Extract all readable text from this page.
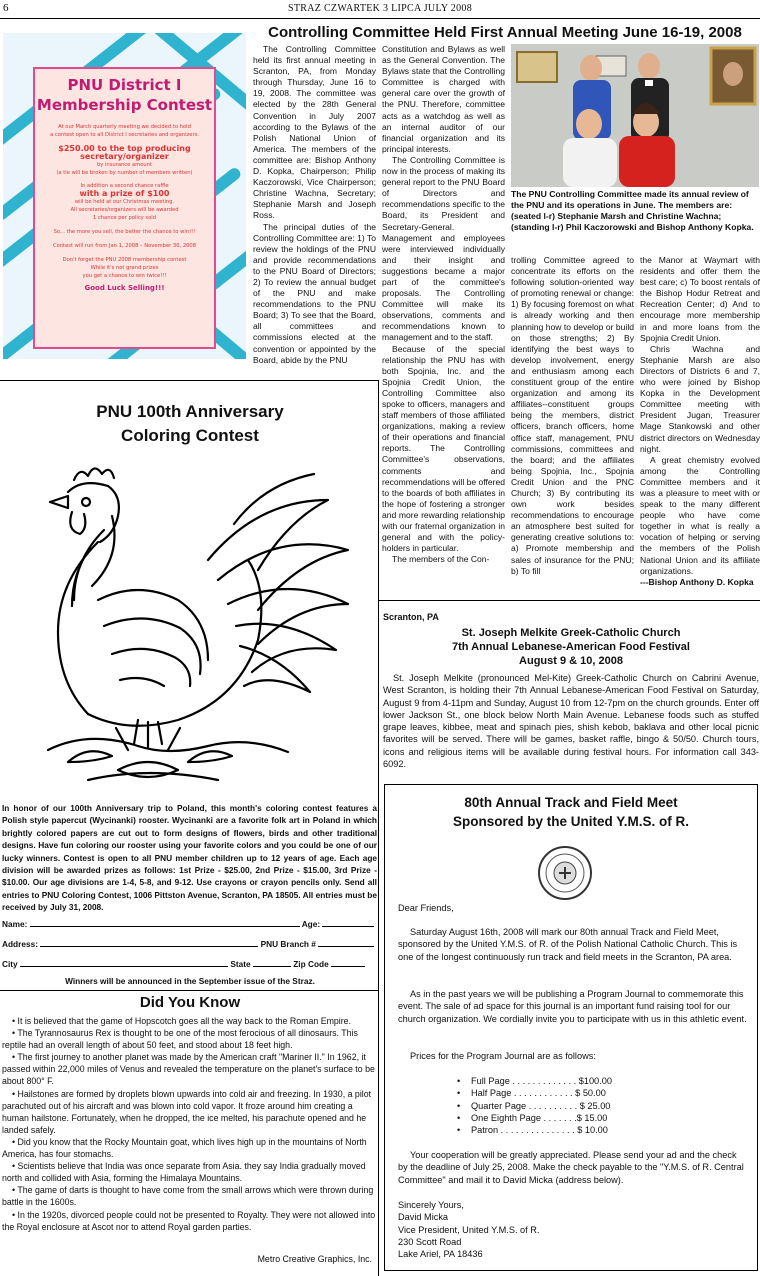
6	STRAZ CZWARTEK 3 LIPCA JULY 2008
PNU District I
Membership Contest
At our March quarterly meeting we decided to hold
a contest open to all District I secretaries and organizers.
$250.00 to the top producing secretary/organizer
by insurance amount
(a tie will be broken by number of members written)
In addition a second chance raffle
with a prize of $100
will be held at our Christmas meeting.
All secretaries/organizers will be awarded
1 chance per policy sold
So... the more you sell, the better the chance to win!!!
Contest will run from Jan 1, 2008 – November 30, 2008
Don't forget the PNU 2008 membership contest
While it's not grand prizes
you get a chance to win twice!!!
Good Luck Selling!!!
Controlling Committee Held First Annual Meeting June 16-19, 2008

The Controlling Committee held its first annual meeting in Scranton, PA, from Monday through Thursday, June 16 to 19, 2008. The committee was elected by the 28th General Convention in July 2007 according to the Bylaws of the Polish National Union of America. The members of the committee are: Bishop Anthony D. Kopka, Chairperson; Philip Kaczorowski, Vice Chairperson; Christine Wachna, Secretary; Stephanie Marsh and Joseph Ross.

The principal duties of the Controlling Committee are: 1) To review the holdings of the PNU and provide recommendations to the PNU Board of Directors; 2) To review the annual budget of the PNU and make recommendations to the PNU Board; 3) To see that the Board, all committees and commissions elected at the convention or appointed by the Board, abide by the PNU

Constitution and Bylaws as well as the General Convention. The Bylaws state that the Controlling Committee is charged with general care over the growth of the PNU. Therefore, committee acts as a watchdog as well as an internal auditor of our financial organization and its principal interests.

The Controlling Committee is now in the process of making its general report to the PNU Board of Directors and recommendations specific to the Board, its President and Secretary-General. Management and employees were interviewed individually and their insight and suggestions became a major part of the committee's proposals. The Controlling Committee will make its observations, comments and recommendations known to management and to the staff.

Because of the special relationship the PNU has with both Spojnia, Inc. and the Spojnia Credit Union, the Controlling Committee also spoke to officers, managers and staff members of those affiliated organizations, making a review of their operations and financial reports. The Controlling Committee's observations, comments and recommendations will be offered to the boards of both affiliates in the hope of fostering a stronger and more rewarding relationship with our fraternal organization in general and with the policy-holders in particular.

The members of the Con-

The PNU Controlling Committee made its annual review of the PNU and its operations in June. The members are: (seated l-r) Stephanie Marsh and Christine Wachna; (standing l-r) Phil Kaczorowski and Bishop Anthony Kopka.

trolling Committee agreed to concentrate its efforts on the following solution-oriented way of promoting renewal or change: 1) By focusing foremost on what is already working and then planning how to develop or build on those strengths; 2) By identifying the best ways to develop involvement, energy and enthusiasm among each constituent group of the entire organization and among its affiliates--constituent groups being the members, district officers, branch officers, home office staff, management, PNU commissions, committees and the board; and the affiliates being Spojnia, Inc., Spojnia Credit Union and the PNC Church; 3) By contributing its own work besides recommendations to encourage an atmosphere best suited for generating creative solutions to: a) Promote membership and sales of insurance for the PNU; b) To fill

the Manor at Waymart with residents and offer them the best care; c) To boost rentals of the Bishop Hodur Retreat and Recreation Center; d) And to encourage more membership in and more loans from the Spojnia Credit Union.

Chris Wachna and Stephanie Marsh are also Directors of Districts 6 and 7, who were joined by Bishop Kopka in the Development Committee meeting with President Jugan, Treasurer Mage Stankowski and other district directors on Wednesday night.

A great chemistry evolved among the Controlling Committee members and it was a pleasure to meet with or speak to the many different people who have come together in what is really a vocation of helping or serving the members of the Polish National Union and its affiliate organizations.

---Bishop Anthony D. Kopka

PNU 100th Anniversary
Coloring Contest
In honor of our 100th Anniversary trip to Poland, this month's coloring contest features a Polish style papercut (Wycinanki) rooster. Wycinanki are a favorite folk art in Poland in which brightly colored papers are cut out to form designs of flowers, birds and other traditional designs. Have fun coloring our rooster using your favorite colors and you could be one of our lucky winners. Contest is open to all PNU member children up to 12 years of age. Each age division will be awarded prizes as follows: 1st Prize - $25.00, 2nd Prize - $15.00, 3rd Prize - $10.00. Our age divisions are 1-4, 5-8, and 9-12. Use crayons or crayon pencils only. Send all entries to PNU Coloring Contest, 1006 Pittston Avenue, Scranton, PA 18505. All entries must be received by July 31, 2008.
Name:	Age:
Address:	PNU Branch #
City	State	Zip Code
Winners will be announced in the September issue of the Straz.
Did You Know

• It is believed that the game of Hopscotch goes all the way back to the Roman Empire.

• The Tyrannosaurus Rex is thought to be one of the most ferocious of all dinosaurs. This reptile had an overall length of about 50 feet, and stood about 18 feet high.

• The first journey to another planet was made by the American craft "Mariner II." In 1962, it passed within 22,000 miles of Venus and revealed the temperature on the planet's surface to be about 800° F.

• Hailstones are formed by droplets blown upwards into cold air and freezing. In 1930, a pilot parachuted out of his aircraft and was blown into cold vapor. It froze around him creating a human hailstone. Fortunately, when he dropped, the ice melted, his parachute opened and he landed safely.

• Did you know that the Rocky Mountain goat, which lives high up in the mountains of North America, has four stomachs.

• Scientists believe that India was once separate from Asia. they say India gradually moved north and collided with Asia, forming the Himalaya Mountains.

• The game of darts is thought to have come from the small arrows which were thrown during battle in the 1600s.

• In the 1920s, divorced people could not be presented to Royalty. They were not allowed into the Royal enclosure at Ascot nor to attend Royal garden parties.

Metro Creative Graphics, Inc.
Scranton, PA
St. Joseph Melkite Greek-Catholic Church
7th Annual Lebanese-American Food Festival
August 9 & 10, 2008

St. Joseph Melkite (pronounced Mel-Kite) Greek-Catholic Church on Cabrini Avenue, West Scranton, is holding their 7th Annual Lebanese-American Food Festival on Saturday, August 9 from 4-11pm and Sunday, August 10 from 12-7pm on the church grounds. Enter off lower Jackson St., one block below North Main Avenue. Lebanese foods such as stuffed grape leaves, kibbee, meat and spinach pies, shish kebob, baklava and other local picnic favorites will be served. There will be games, basket raffle, bingo & 50/50. Church tours, icons and religious items will be available during festival hours. For information call 343-6092.

80th Annual Track and Field Meet
Sponsored by the United Y.M.S. of R.
Dear Friends,

Saturday August 16th, 2008 will mark our 80th annual Track and Field Meet, sponsored by the United Y.M.S. of R. of the Polish National Catholic Church. This is one of the longest continuously run track and field meets in the Scranton, PA area.

As in the past years we will be publishing a Program Journal to commemorate this event. The sale of ad space for this journal is an important fund raising tool for our church organization. We cordially invite you to participate with us in this athletic event.

Prices for the Program Journal are as follows:

•	Full Page . . . . . . . . . . . . . $100.00
•	Half Page . . . . . . . . . . . . $ 50.00
•	Quarter Page . . . . . . . . . . $ 25.00
•	One Eighth Page . . . . . . .$ 15.00
•	Patron . . . . . . . . . . . . . . . $ 10.00

Your cooperation will be greatly appreciated. Please send your ad and the check by the deadline of July 25, 2008. Make the check payable to the "Y.M.S. of R. Central Committee" and mail it to David Micka (address below).

Sincerely Yours,

David Micka

Vice President, United Y.M.S. of R.

230 Scott Road

Lake Ariel, PA 18436
